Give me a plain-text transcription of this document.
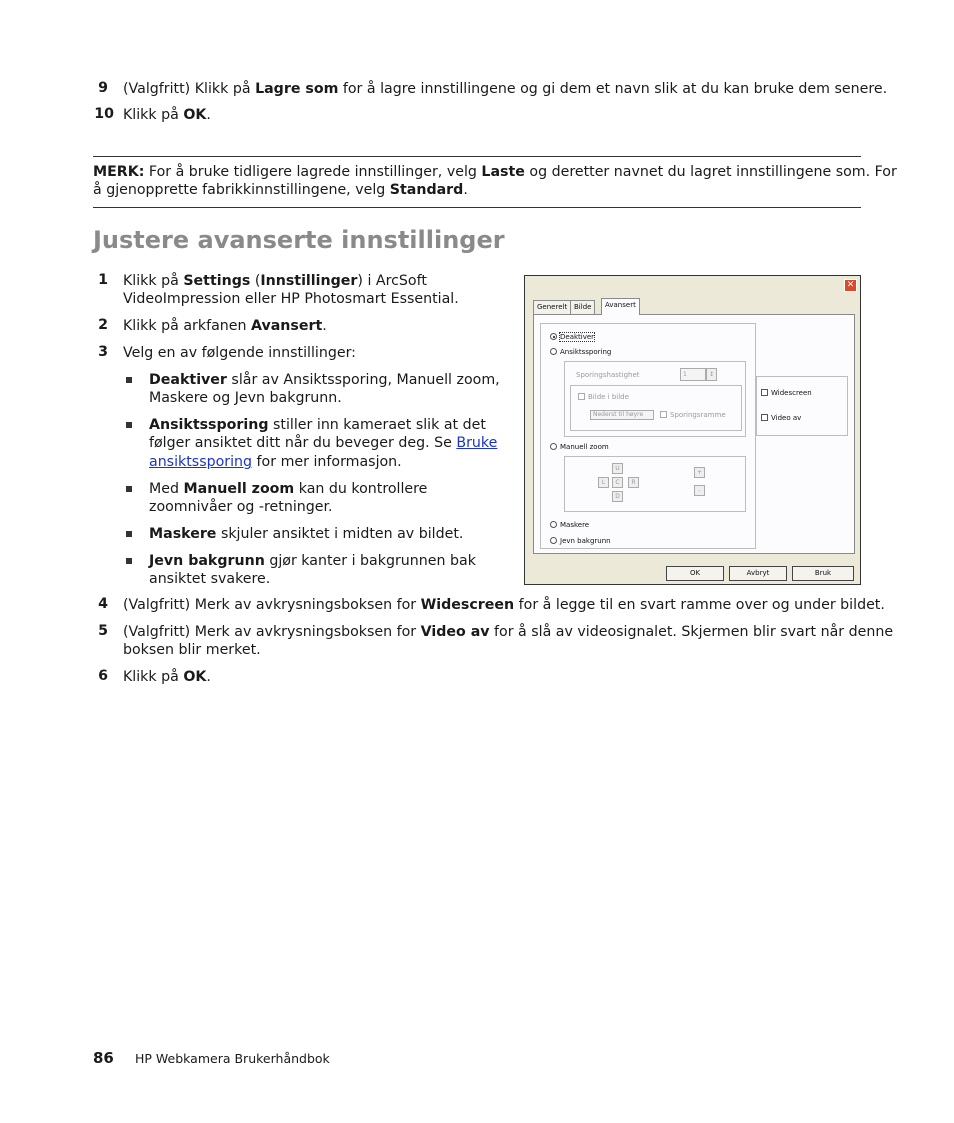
9 (Valgfritt) Klikk på Lagre som for å lagre innstillingene og gi dem et navn slik at du kan bruke dem senere.
10 Klikk på OK.
MERK: For å bruke tidligere lagrede innstillinger, velg Laste og deretter navnet du lagret innstillingene som. For
å gjenopprette fabrikkinnstillingene, velg Standard.
Justere avanserte innstillinger
1 Klikk på Settings (Innstillinger) i ArcSoft
VideoImpression eller HP Photosmart Essential.
2 Klikk på arkfanen Avansert.
3 Velg en av følgende innstillinger:
Deaktiver slår av Ansiktssporing, Manuell zoom,
Maskere og Jevn bakgrunn.
Ansiktssporing stiller inn kameraet slik at det
følger ansiktet ditt når du beveger deg. Se Bruke
ansiktssporing for mer informasjon.
Med Manuell zoom kan du kontrollere
zoomnivåer og -retninger.
Maskere skjuler ansiktet i midten av bildet.
Jevn bakgrunn gjør kanter i bakgrunnen bak
ansiktet svakere.
4 (Valgfritt) Merk av avkrysningsboksen for Widescreen for å legge til en svart ramme over og under bildet.
5 (Valgfritt) Merk av avkrysningsboksen for Video av for å slå av videosignalet. Skjermen blir svart når denne
boksen blir merket.
6 Klikk på OK.
✕
Generelt Bilde	Avansert
Deaktiver
Ansiktssporing
Sporingshastighet	1	↕
Bilde i bilde
Nederst til høyre	Sporingsramme
Manuell zoom
U
L	C	R
D
+
-
Maskere
Jevn bakgrunn
Widescreen
Video av
OK	Avbryt	Bruk
86 HP Webkamera Brukerhåndbok
